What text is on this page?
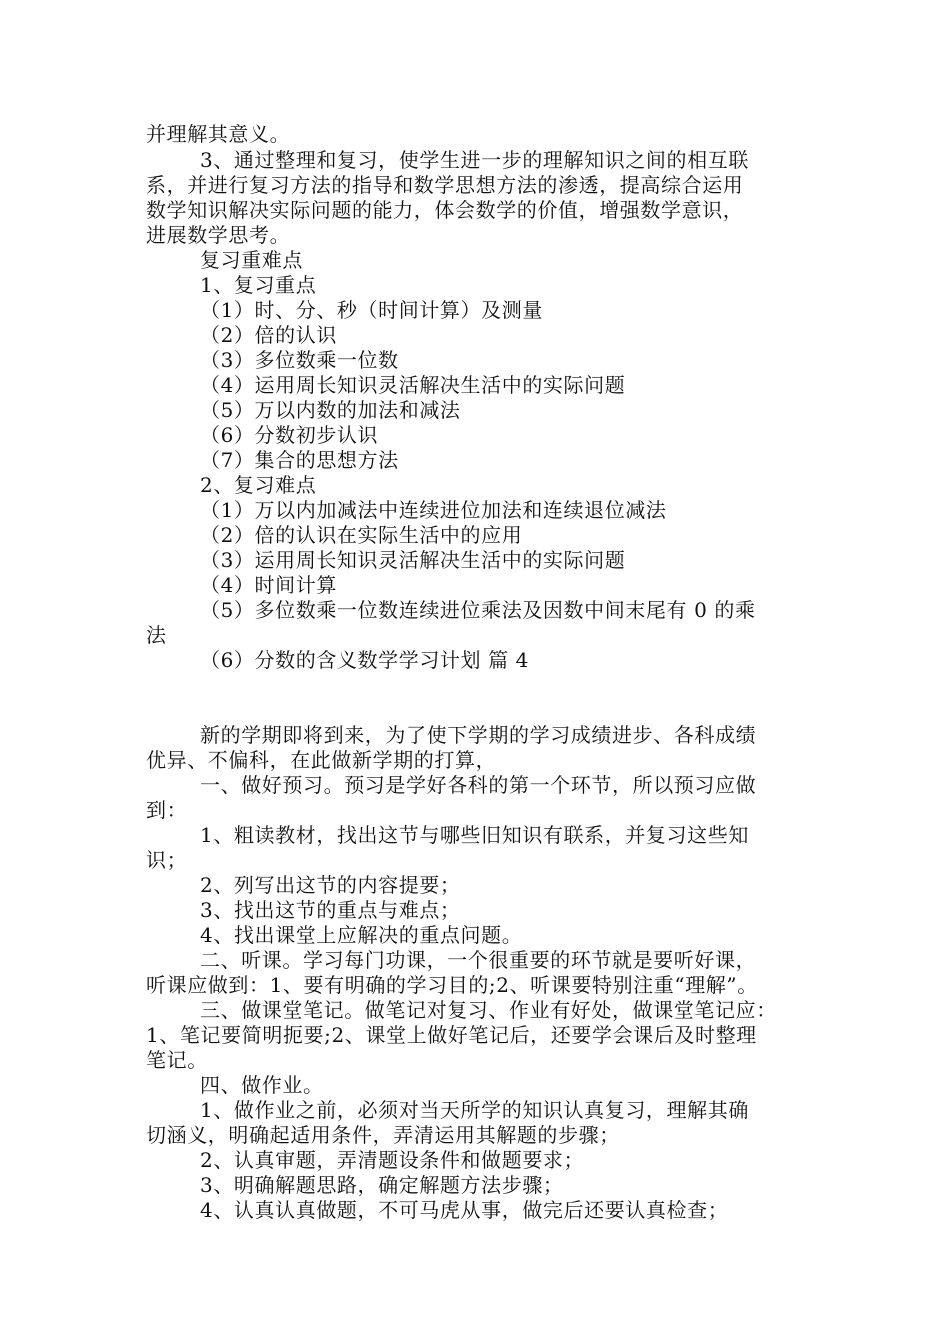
并理解其意义。
3、通过整理和复习，使学生进一步的理解知识之间的相互联
系，并进行复习方法的指导和数学思想方法的渗透，提高综合运用
数学知识解决实际问题的能力，体会数学的价值，增强数学意识，
进展数学思考。
复习重难点
1、复习重点
（1）时、分、秒（时间计算）及测量
（2）倍的认识
（3）多位数乘一位数
（4）运用周长知识灵活解决生活中的实际问题
（5）万以内数的加法和减法
（6）分数初步认识
（7）集合的思想方法
2、复习难点
（1）万以内加减法中连续进位加法和连续退位减法
（2）倍的认识在实际生活中的应用
（3）运用周长知识灵活解决生活中的实际问题
（4）时间计算
（5）多位数乘一位数连续进位乘法及因数中间末尾有 0 的乘
法
（6）分数的含义数学学习计划 篇 4
新的学期即将到来，为了使下学期的学习成绩进步、各科成绩
优异、不偏科，在此做新学期的打算，
一、做好预习。预习是学好各科的第一个环节，所以预习应做
到：
1、粗读教材，找出这节与哪些旧知识有联系，并复习这些知
识；
2、列写出这节的内容提要；
3、找出这节的重点与难点；
4、找出课堂上应解决的重点问题。
二、听课。学习每门功课，一个很重要的环节就是要听好课，
听课应做到：1、要有明确的学习目的;2、听课要特别注重“理解”。
三、做课堂笔记。做笔记对复习、作业有好处，做课堂笔记应：
1、笔记要简明扼要;2、课堂上做好笔记后，还要学会课后及时整理
笔记。
四、做作业。
1、做作业之前，必须对当天所学的知识认真复习，理解其确
切涵义，明确起适用条件，弄清运用其解题的步骤；
2、认真审题，弄清题设条件和做题要求；
3、明确解题思路，确定解题方法步骤；
4、认真认真做题，不可马虎从事，做完后还要认真检查；
